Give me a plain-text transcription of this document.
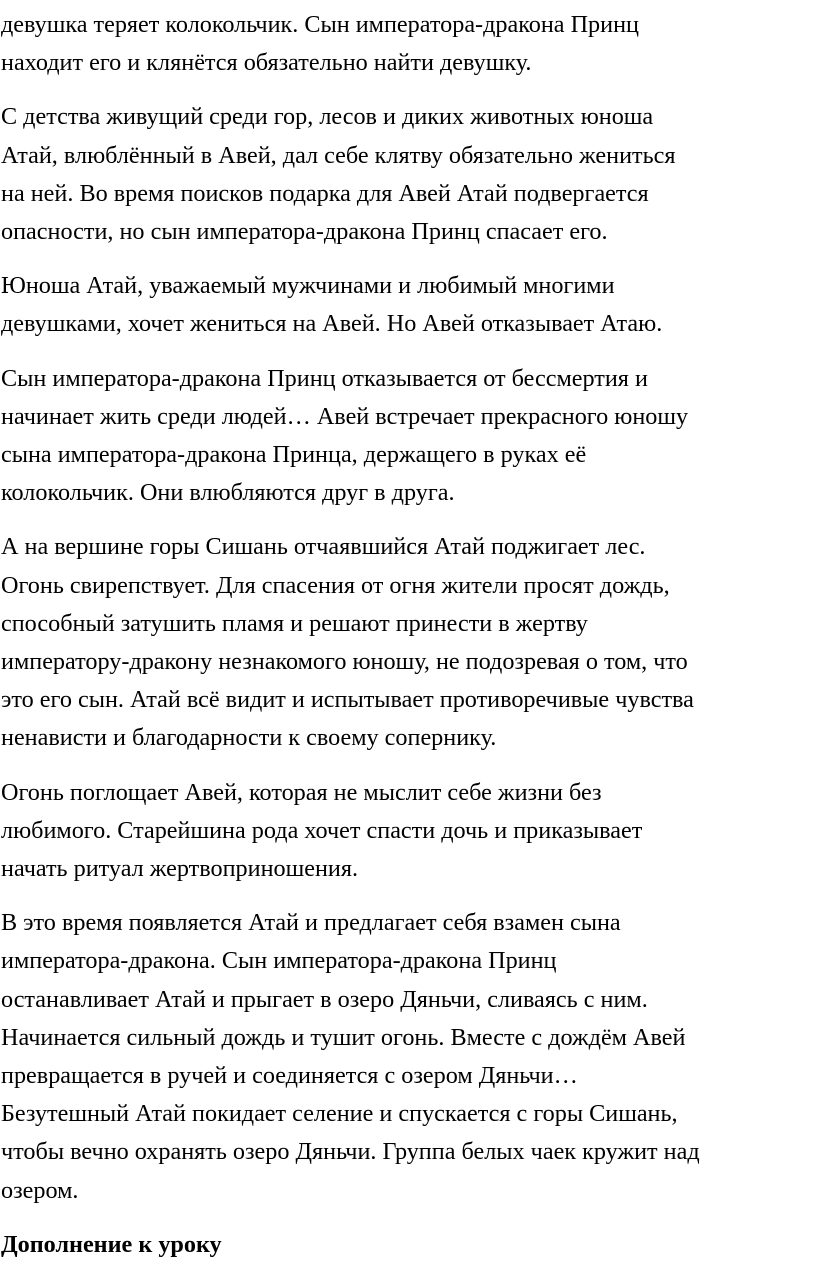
девушка теряет колокольчик. Сын императора-дракона Принц
находит его и клянётся обязательно найти девушку.

С детства живущий среди гор, лесов и диких животных юноша
Атай, влюблённый в Авей, дал себе клятву обязательно жениться
на ней. Во время поисков подарка для Авей Атай подвергается
опасности, но сын императора-дракона Принц спасает его.

Юноша Атай, уважаемый мужчинами и любимый многими
девушками, хочет жениться на Авей. Но Авей отказывает Атаю.

Сын императора-дракона Принц отказывается от бессмертия и
начинает жить среди людей… Авей встречает прекрасного юношу
сына императора-дракона Принца, держащего в руках её
колокольчик. Они влюбляются друг в друга.

А на вершине горы Сишань отчаявшийся Атай поджигает лес.
Огонь свирепствует. Для спасения от огня жители просят дождь,
способный затушить пламя и решают принести в жертву
императору-дракону незнакомого юношу, не подозревая о том, что
это его сын. Атай всё видит и испытывает противоречивые чувства
ненависти и благодарности к своему сопернику.

Огонь поглощает Авей, которая не мыслит себе жизни без
любимого. Старейшина рода хочет спасти дочь и приказывает
начать ритуал жертвоприношения.

В это время появляется Атай и предлагает себя взамен сына
императора-дракона. Сын императора-дракона Принц
останавливает Атай и прыгает в озеро Дяньчи, сливаясь с ним.
Начинается сильный дождь и тушит огонь. Вместе с дождём Авей
превращается в ручей и соединяется с озером Дяньчи…
Безутешный Атай покидает селение и спускается с горы Сишань,
чтобы вечно охранять озеро Дяньчи. Группа белых чаек кружит над
озером.

Дополнение к уроку
